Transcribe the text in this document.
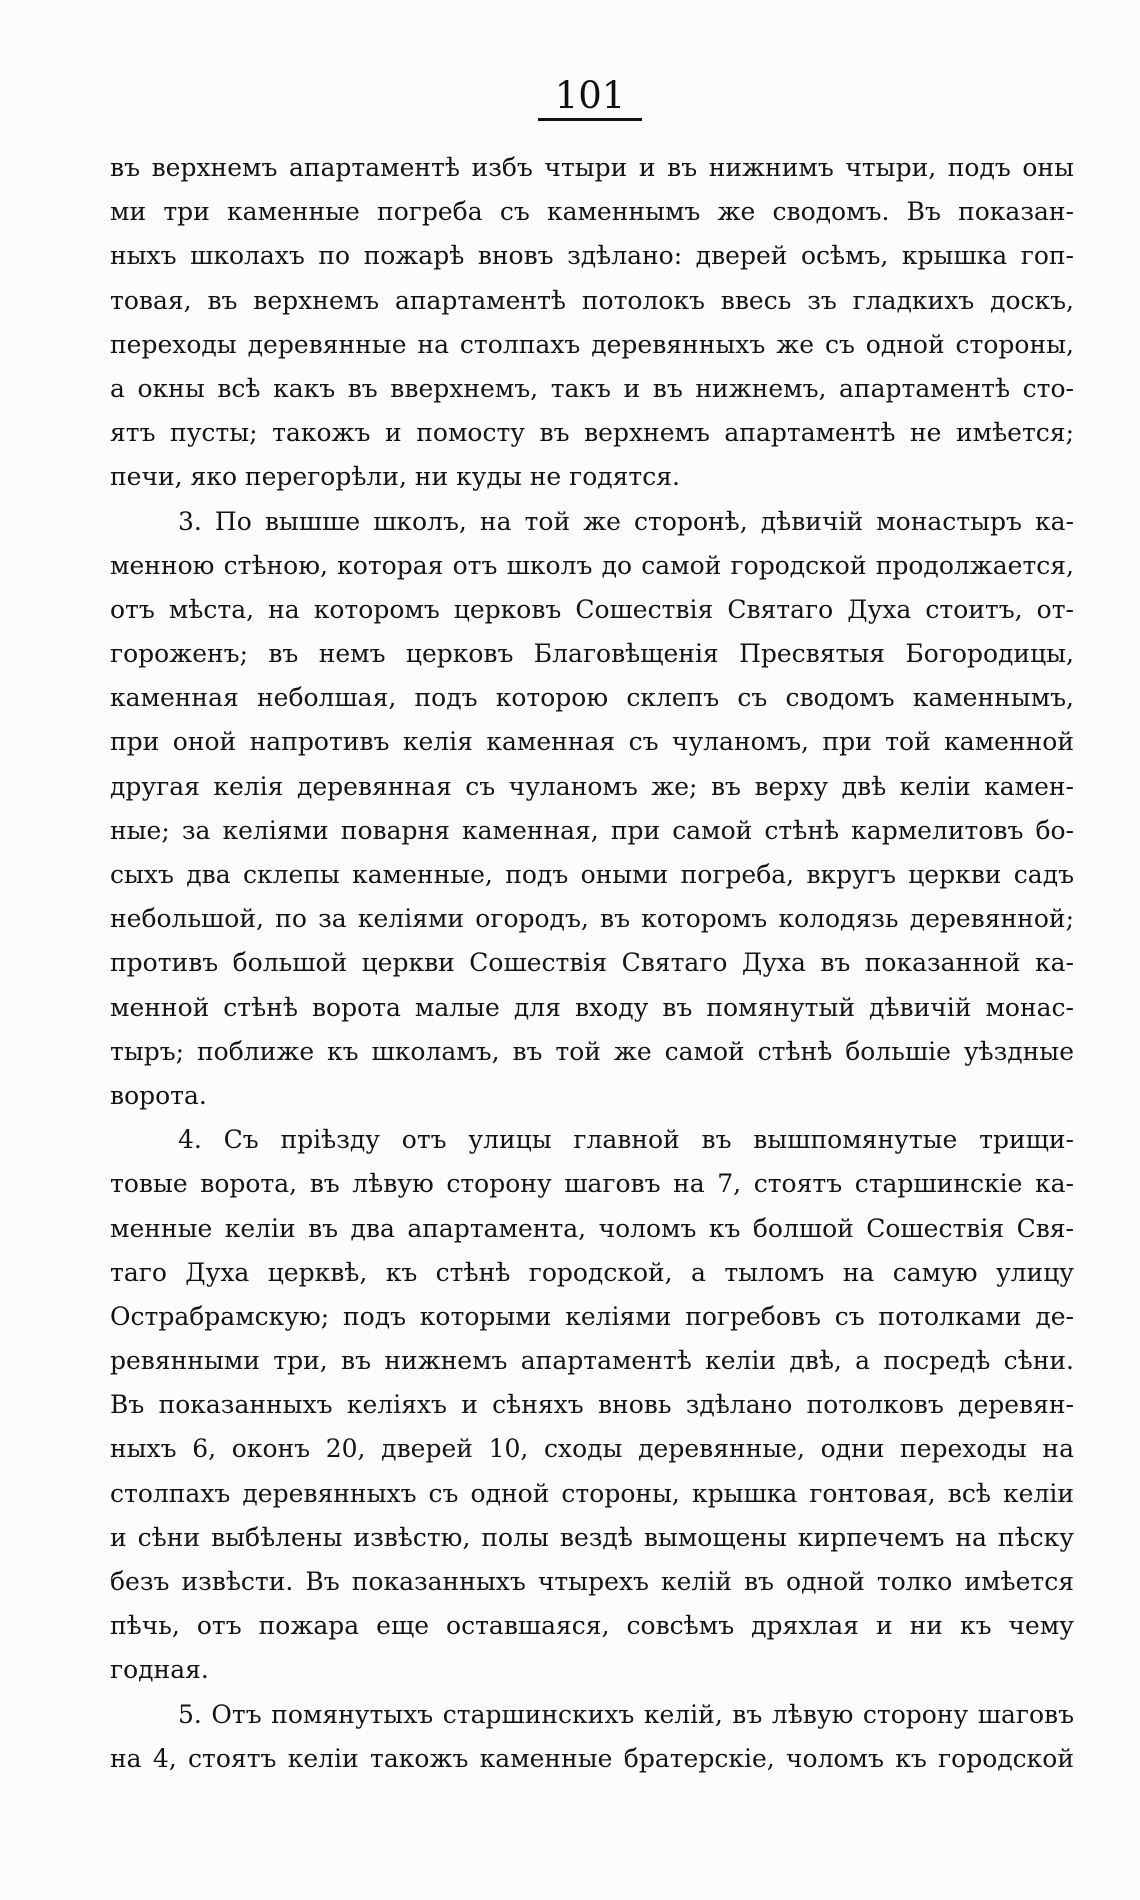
101
въ верхнемъ апартаментѣ избъ чтыри и въ нижнимъ чтыри, подъ оны
ми три каменные погреба съ каменнымъ же сводомъ. Въ показан-
ныхъ школахъ по пожарѣ вновъ здѣлано: дверей осѣмъ, крышка гоп-
товая, въ верхнемъ апартаментѣ потолокъ ввесь зъ гладкихъ доскъ,
переходы деревянные на столпахъ деревянныхъ же съ одной стороны,
а окны всѣ какъ въ вверхнемъ, такъ и въ нижнемъ, апартаментѣ сто-
ятъ пусты; такожъ и помосту въ верхнемъ апартаментѣ не имѣется;
печи, яко перегорѣли, ни куды не годятся.
3. По вышше школъ, на той же сторонѣ, дѣвичій монастыръ ка-
менною стѣною, которая отъ школъ до самой городской продолжается,
отъ мѣста, на которомъ церковъ Сошествія Святаго Духа стоитъ, от-
гороженъ; въ немъ церковъ Благовѣщенія Пресвятыя Богородицы,
каменная неболшая, подъ которою склепъ съ сводомъ каменнымъ,
при оной напротивъ келія каменная съ чуланомъ, при той каменной
другая келія деревянная съ чуланомъ же; въ верху двѣ келіи камен-
ные; за келіями поварня каменная, при самой стѣнѣ кармелитовъ бо-
сыхъ два склепы каменные, подъ оными погреба, вкругъ церкви садъ
небольшой, по за келіями огородъ, въ которомъ колодязь деревянной;
противъ большой церкви Сошествія Святаго Духа въ показанной ка-
менной стѣнѣ ворота малые для входу въ помянутый дѣвичій монас-
тыръ; поближе къ школамъ, въ той же самой стѣнѣ большіе уѣздные
ворота.
4. Съ пріѣзду отъ улицы главной въ вышпомянутые трищи-
товые ворота, въ лѣвую сторону шаговъ на 7, стоятъ старшинскіе ка-
менные келіи въ два апартамента, чоломъ къ болшой Сошествія Свя-
таго Духа церквѣ, къ стѣнѣ городской, а тыломъ на самую улицу
Острабрамскую; подъ которыми келіями погребовъ съ потолками де-
ревянными три, въ нижнемъ апартаментѣ келіи двѣ, а посредѣ сѣни.
Въ показанныхъ келіяхъ и сѣняхъ вновь здѣлано потолковъ деревян-
ныхъ 6, оконъ 20, дверей 10, сходы деревянные, одни переходы на
столпахъ деревянныхъ съ одной стороны, крышка гонтовая, всѣ келіи
и сѣни выбѣлены извѣстю, полы вездѣ вымощены кирпечемъ на пѣску
безъ извѣсти. Въ показанныхъ чтырехъ келій въ одной толко имѣется
пѣчь, отъ пожара еще оставшаяся, совсѣмъ дряхлая и ни къ чему
годная.
5. Отъ помянутыхъ старшинскихъ келій, въ лѣвую сторону шаговъ
на 4, стоятъ келіи такожъ каменные братерскіе, чоломъ къ городской
